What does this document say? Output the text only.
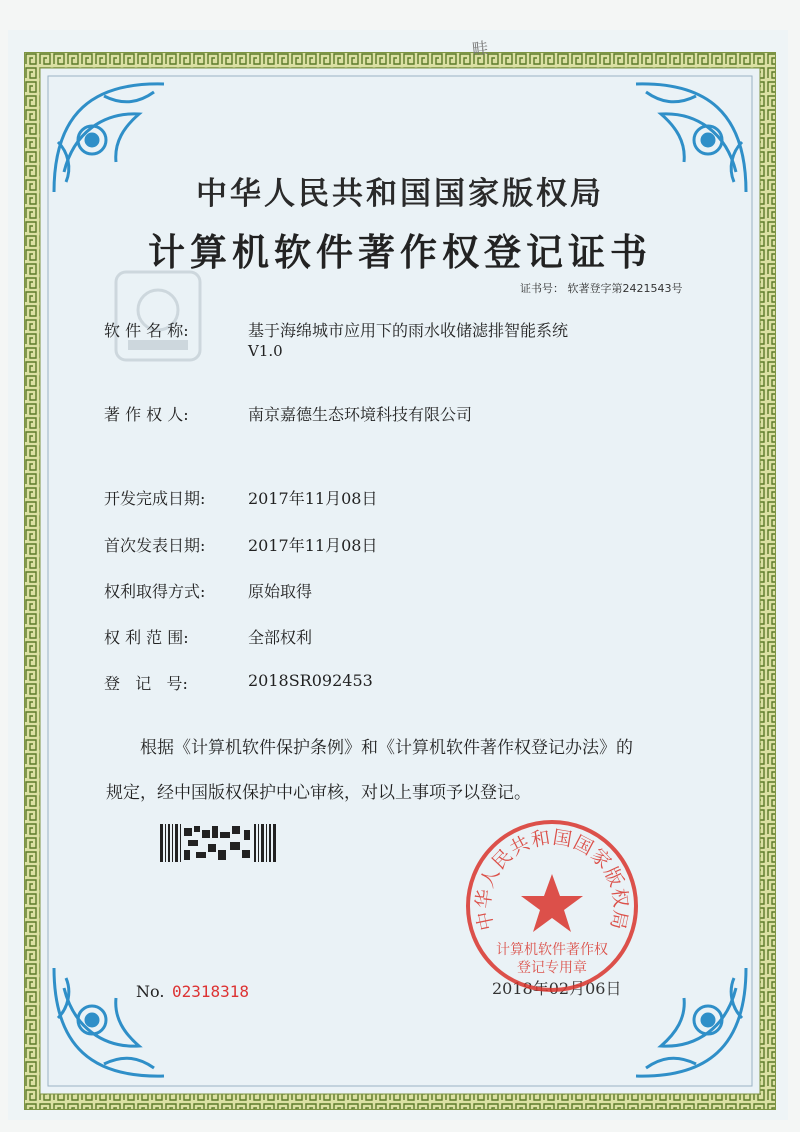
畦
中华人民共和国国家版权局
计算机软件著作权登记证书
证书号： 软著登字第2421543号
软 件 名 称:	基于海绵城市应用下的雨水收储滤排智能系统
V1.0
著 作 权 人:	南京嘉德生态环境科技有限公司
开发完成日期:	2017年11月08日
首次发表日期:	2017年11月08日
权利取得方式:	原始取得
权 利 范 围:	全部权利
登   记   号:	2018SR092453
根据《计算机软件保护条例》和《计算机软件著作权登记办法》的
规定，经中国版权保护中心审核，对以上事项予以登记。
No. 02318318	2018年02月06日
中华人民共和国国家版权局
计算机软件著作权
登记专用章
